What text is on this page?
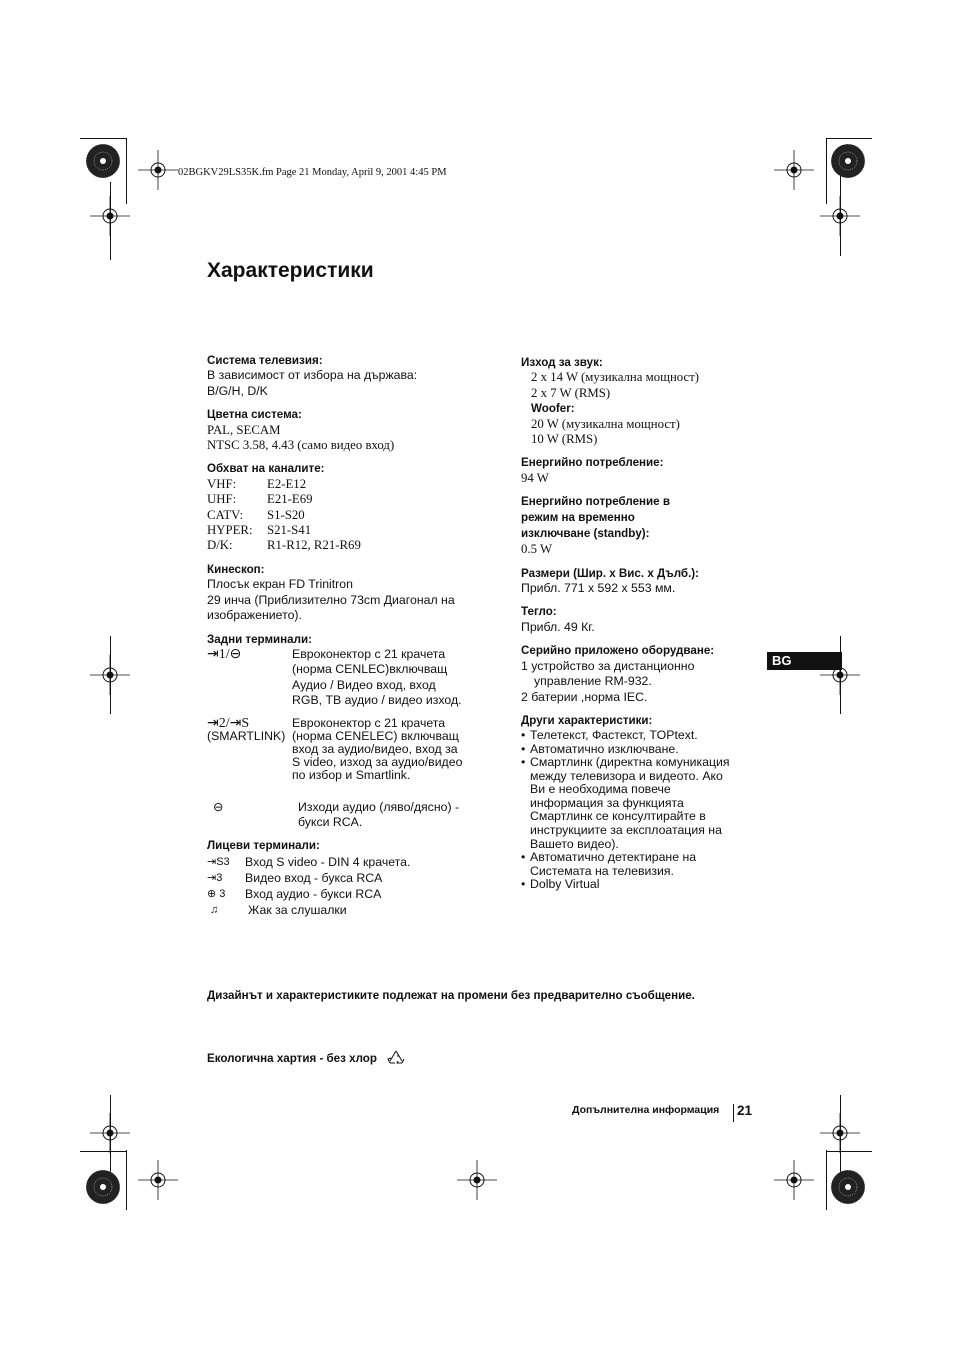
02BGKV29LS35K.fm Page 21 Monday, April 9, 2001 4:45 PM
Характеристики
Система телевизия:
В зависимост от избора на държава:
B/G/H, D/K
Цветна система:
PAL, SECAM
NTSC 3.58, 4.43 (само видео вход)
Обхват на каналите:
VHF:	E2-E12
UHF:	E21-E69
CATV:	S1-S20
HYPER:	S21-S41
D/K:	R1-R12, R21-R69
Кинескоп:
Плосък екран FD Trinitron
29 инча (Приблизително 73cm Диагонал на
изображението).
Задни терминали:
⇥1/⊖	Евроконектор с 21 крачета
(норма CENLEC)включващ
Аудио / Видео вход, вход
RGB, ТВ аудио / видео изход.
⇥2/⇥S
(SMARTLINK)
Евроконектор с 21 крачета
(норма CENELEC) включващ
вход за аудио/видео, вход за
S video, изход за аудио/видео
по избор и Smartlink.
⊖	Изходи аудио (ляво/дясно) -
букси RCA.
Лицеви терминали:
⇥S3	Вход S video - DIN 4 крачета.
⇥3	Видео вход - букса RCA
⊕ 3	Вход аудио - букси RCA
♫	Жак за слушалки
Изход за звук:
2 x 14 W (музикална мощност)
2 x 7 W (RMS)
Woofer:
20 W (музикална мощност)
10 W (RMS)
Енергийно потребление:
94 W
Енергийно потребление в
режим на временно
изключване (standby):
0.5 W
Размери (Шир. x Вис. x Дълб.):
Прибл. 771 x 592 x 553 мм.
Тегло:
Прибл. 49 Кг.
Серийно приложено оборудване:
1 устройство за дистанционно
управление RM-932.
2 батерии ,норма IEC.
Други характеристики:
• Телетекст, Фастекст, TOPtext.
• Автоматично изключване.
• Смартлинк (директна комуникация между телевизора и видеото. Ако Ви е необходима повече информация за функцията Смартлинк се консултирайте в инструкциите за експлоатация на Вашето видео).
• Автоматично детектиране на Системата на телевизия.
• Dolby Virtual
BG
Дизайнът и характеристиките подлежат на промени без предварително съобщение.
Екологична хартия - без хлор
Допълнителна информация 21
